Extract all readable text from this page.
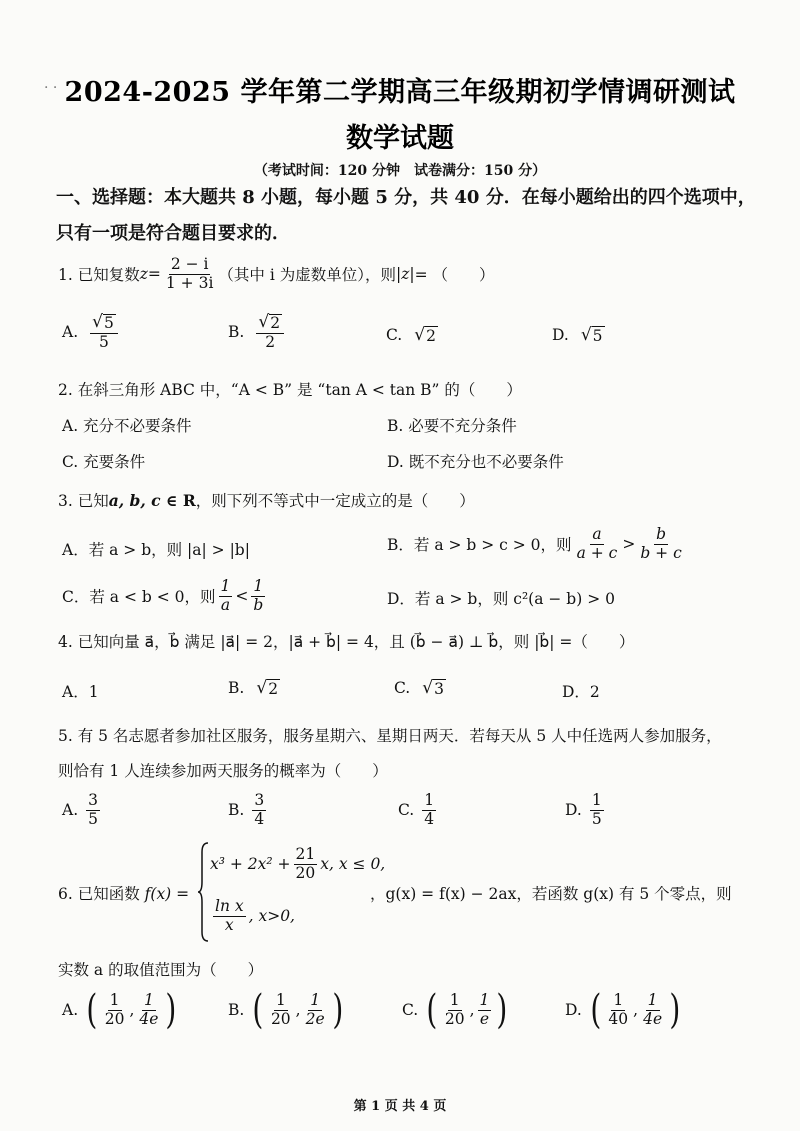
· · 2024-2025 学年第二学期高三年级期初学情调研测试
数学试题
（考试时间：120 分钟　试卷满分：150 分）
一、选择题：本大题共 8 小题，每小题 5 分，共 40 分．在每小题给出的四个选项中，
只有一项是符合题目要求的．
1. 已知复数 $z = \frac{2 - i}{1 + 3i}$ （其中 i 为虚数单位），则 |z| = （　　）
A. $\frac{√ 5}{5}$	B. $\frac{√ 2}{2}$	C. √ 2	D. √ 5
2. 在斜三角形 ABC 中，“A < B” 是 “tan A < tan B” 的（　　）
A. 充分不必要条件	B. 必要不充分条件
C. 充要条件	D. 既不充分也不必要条件
3. 已知a, b, c ∈ R，则下列不等式中一定成立的是（　　）
A．若 a > b，则 |a| > |b|	B．若 a > b > c > 0，则 $\frac{a}{a + c} > \frac{b}{b + c}$
C．若 a < b < 0，则 $\frac{1}{a} < \frac{1}{b}$	D．若 a > b，则 c²(a − b) > 0
4. 已知向量 a⃗，b⃗ 满足 |a⃗| = 2，|a⃗ + b⃗| = 4，且 (b⃗ − a⃗) ⊥ b⃗，则 |b⃗| =（　　）
A．1	B. √ 2	C. √ 3	D．2
5. 有 5 名志愿者参加社区服务，服务星期六、星期日两天．若每天从 5 人中任选两人参加服务，
则恰有 1 人连续参加两天服务的概率为（　　）
A. $\frac{3}{5}$	B. $\frac{3}{4}$	C. $\frac{1}{4}$	D. $\frac{1}{5}$
6. 已知函数 f(x) =
$x^3 + 2x^2 + \frac{21}{20} x$, x ≤ 0,
$\frac{\text{ln x}}{x}$ , x>0,
，g(x) = f(x) − 2ax，若函数 g(x) 有 5 个零点，则
实数 a 的取值范围为（　　）
A. ( $\frac{1}{20}$ , $\frac{1}{4e}$ )	B. ( $\frac{1}{20}$ , $\frac{1}{2e}$ )	C. ( $\frac{1}{20}$ , $\frac{1}{e}$ )	D. ( $\frac{1}{40}$ , $\frac{1}{4e}$ )
第 1 页 共 4 页
